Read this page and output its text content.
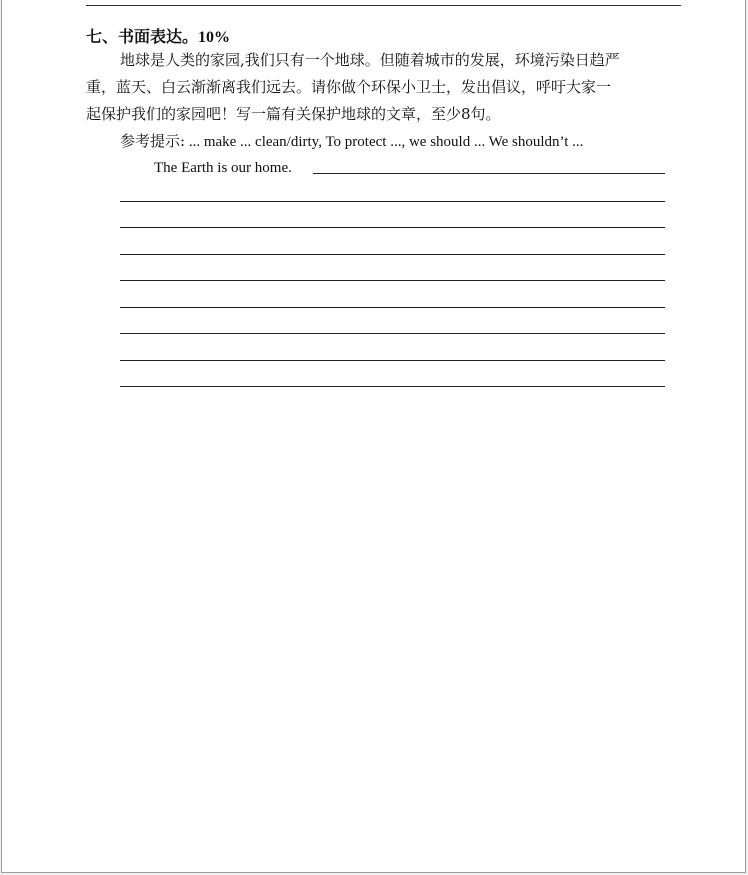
七、书面表达。10%
地球是人类的家园,我们只有一个地球。但随着城市的发展，环境污染日趋严
重，蓝天、白云渐渐离我们远去。请你做个环保小卫士，发出倡议，呼吁大家一
起保护我们的家园吧！写一篇有关保护地球的文章，至少8句。
参考提示: ... make ... clean/dirty, To protect ..., we should ... We shouldn’t ...
The Earth is our home.
